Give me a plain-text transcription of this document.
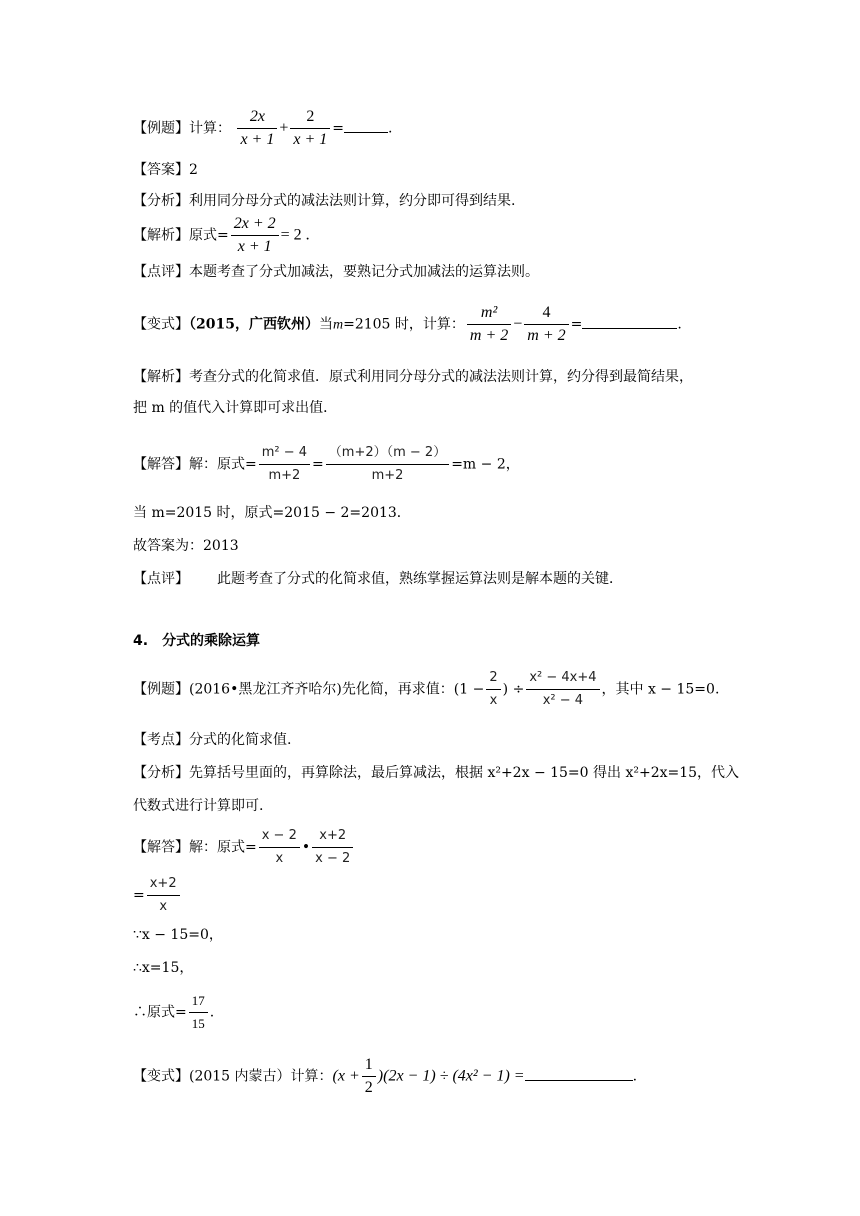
【例题】计算： $\frac{2x}{x + 1} + \frac{2}{x + 1}$ =	.
【答案】2
【分析】利用同分母分式的减法法则计算，约分即可得到结果.
【解析】原式= $\frac{2x + 2}{x + 1} = 2$ .
【点评】本题考查了分式加减法，要熟记分式加减法的运算法则。
【变式】（2015，广西钦州）当m=2105 时，计算： $\frac{\text{m²}}{m + 2} - \frac{4}{m + 2}$ =	.
【解析】考查分式的化简求值．原式利用同分母分式的减法法则计算，约分得到最简结果，
把 m 的值代入计算即可求出值．
【解答】解：原式= $\frac{\text{m² − 4}}{m+2} = \frac{(m+2)(m - 2)}{m+2} =m - 2$，
当 m=2015 时，原式=2015 − 2=2013．
故答案为：2013
【点评】 此题考查了分式的化简求值，熟练掌握运算法则是解本题的关键．
4. 分式的乘除运算
【例题】(2016•黑龙江齐齐哈尔)先化简，再求值：($1 - \frac{2}{x}$ ) ÷ $\frac{\text{x² − 4x+4}}{\text{x² − 4}}$ ，其中 x − 15=0.
【考点】分式的化简求值.
【分析】先算括号里面的，再算除法，最后算减法，根据 x²+2x − 15=0 得出 x²+2x=15，代入
代数式进行计算即可.
【解答】解：原式= $\frac{x - 2}{x}$ • $\frac{x+2}{x - 2}$
= $\frac{x+2}{x}$
∵x − 15=0，
∴x=15，
∴原式= $\frac{17}{15}$ .
【变式】(2015 内蒙古）计算：$(x + \frac{1}{2} )(2x - 1) \div (4x^2 - 1)$ =	.
